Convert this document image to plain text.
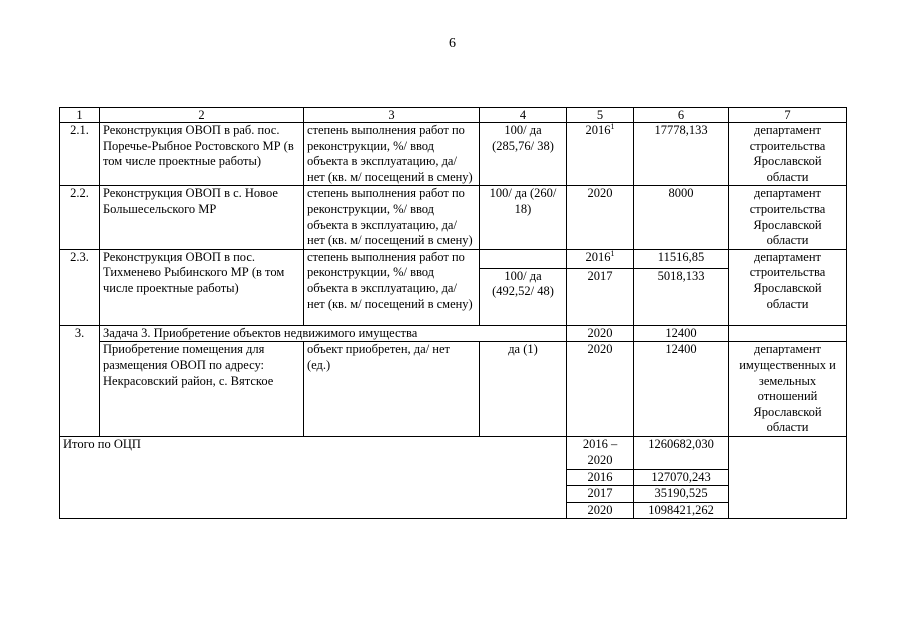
6
1	2	3	4	5	6	7
2.1.	Реконструкция ОВОП в раб. пос. Поречье-Рыбное Ростовского МР (в том числе проектные работы)	степень выполнения работ по реконструкции, %/ ввод объекта в эксплуатацию, да/ нет (кв. м/ посещений в смену)	100/ да (285,76/ 38)	2016$^1$	17778,133	департамент строительства Ярославской области
2.2.	Реконструкция ОВОП в с. Новое Большесельского МР	степень выполнения работ по реконструкции, %/ ввод объекта в эксплуатацию, да/ нет (кв. м/ посещений в смену)	100/ да (260/ 18)	2020	8000	департамент строительства Ярославской области
2.3.	Реконструкция ОВОП в пос. Тихменево Рыбинского МР (в том числе проектные работы)	степень выполнения работ по реконструкции, %/ ввод объекта в эксплуатацию, да/ нет (кв. м/ посещений в смену)		2016$^1$	11516,85	департамент строительства Ярославской области
			100/ да (492,52/ 48)	2017	5018,133	
3.	Задача 3. Приобретение объектов недвижимого имущества			2020	12400	
	Приобретение помещения для размещения ОВОП по адресу: Некрасовский район, с. Вятское	объект приобретен, да/ нет (ед.)	да (1)	2020	12400	департамент имущественных и земельных отношений Ярославской области
Итого по ОЦП				2016 – 2020	1260682,030	
				2016	127070,243	
				2017	35190,525	
				2020	1098421,262	
